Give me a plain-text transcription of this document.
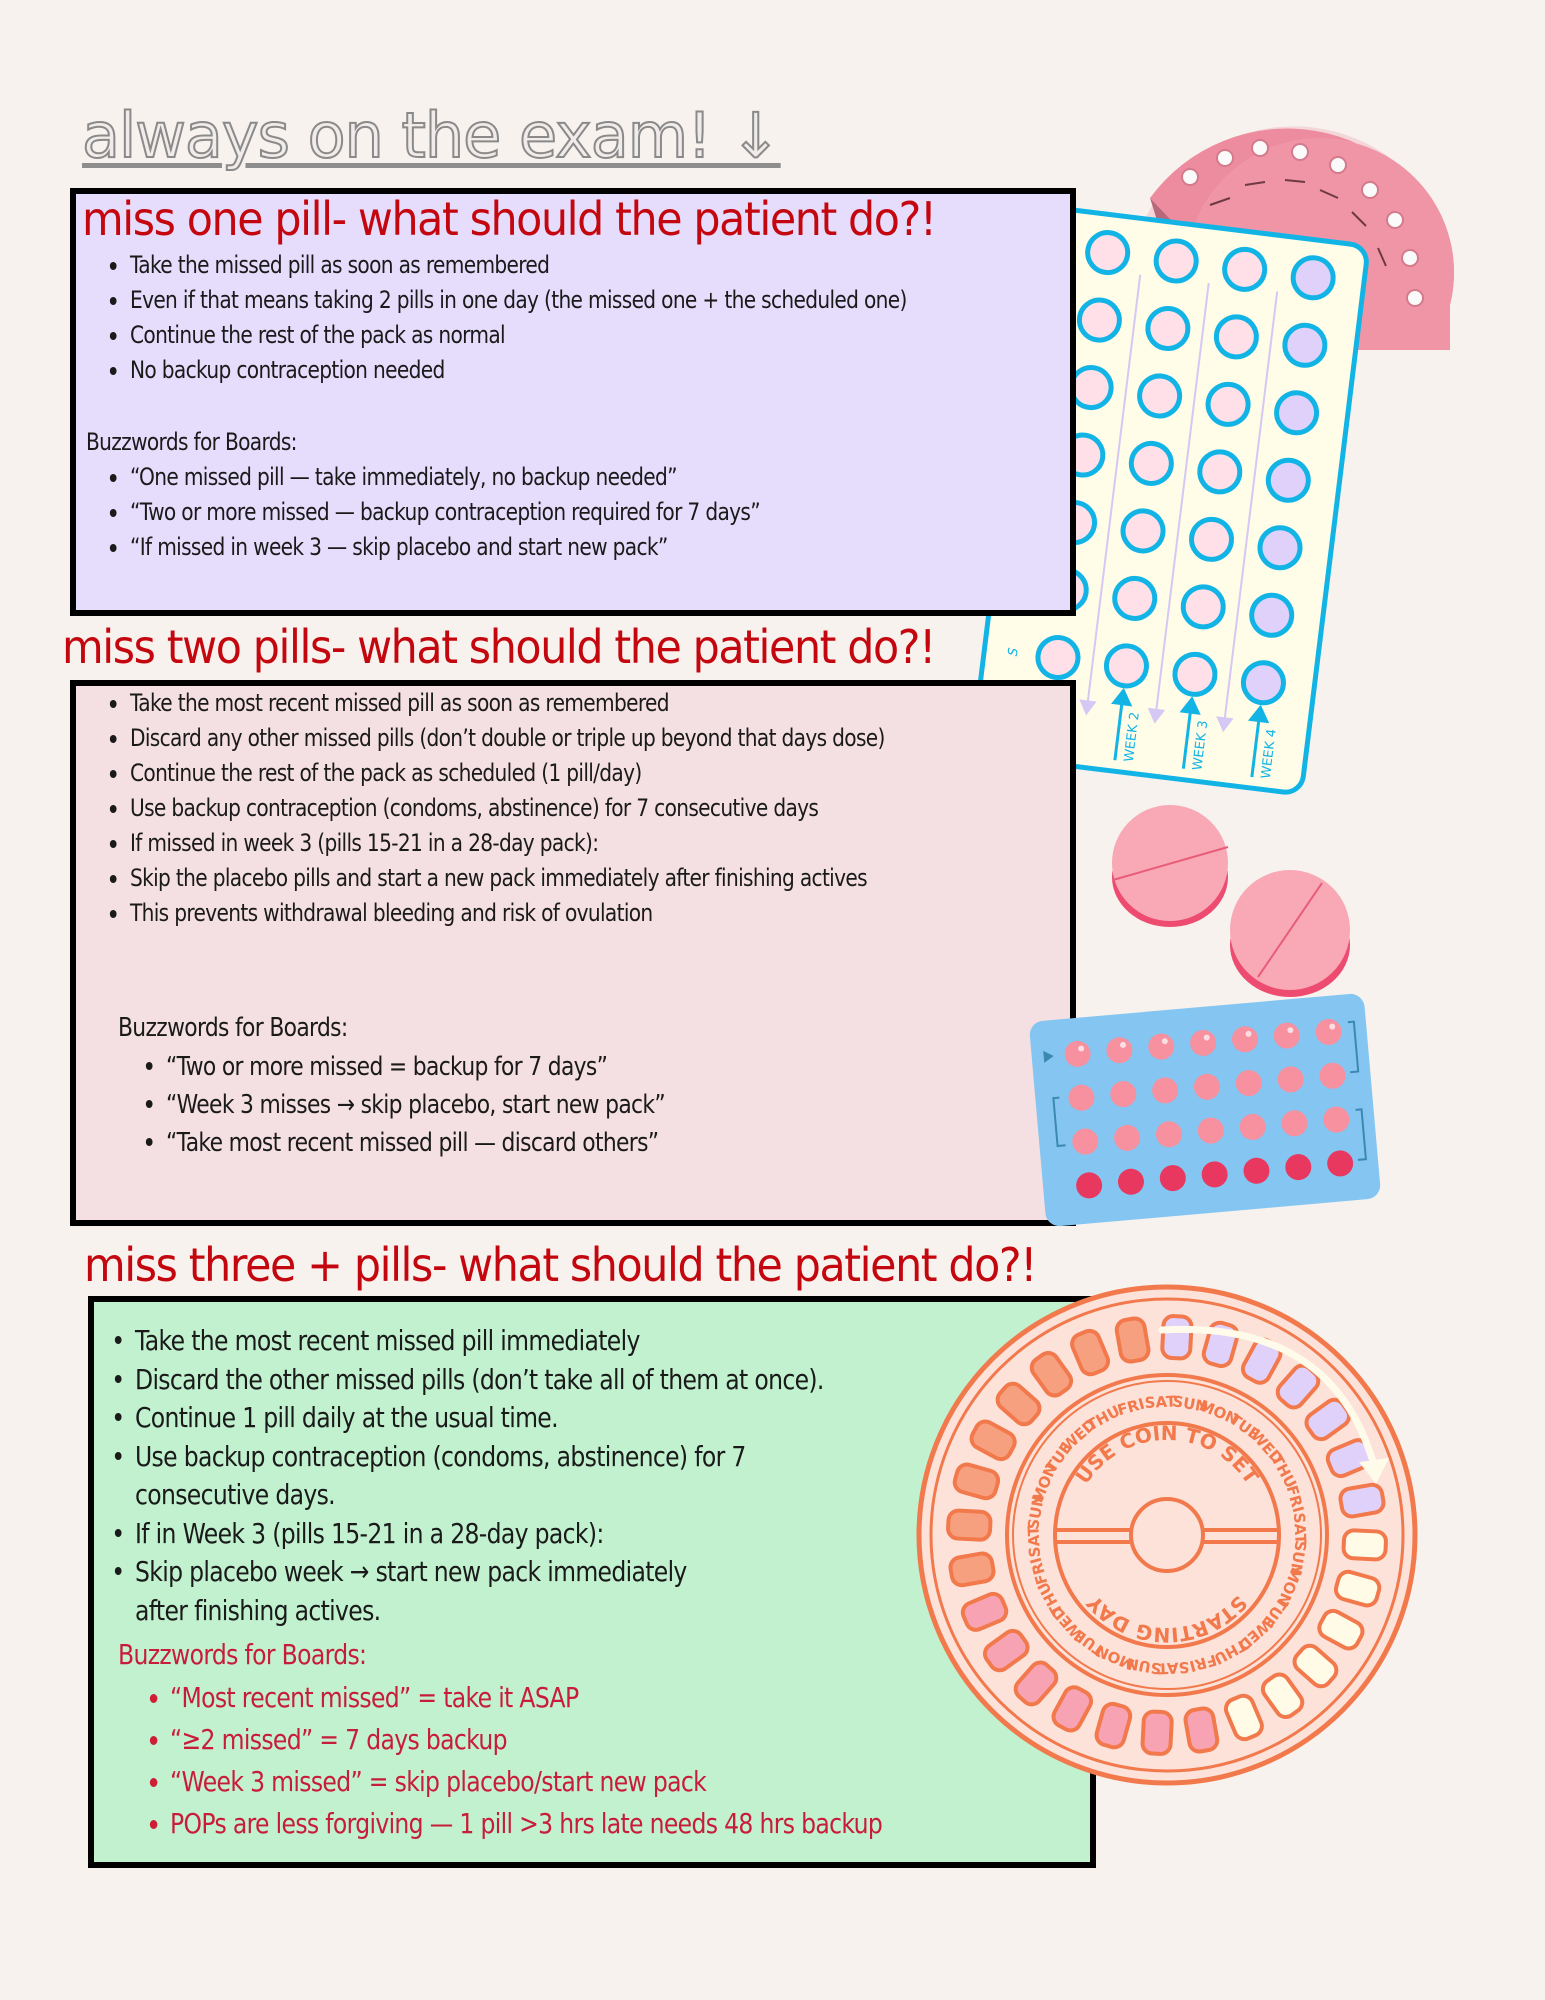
always on the exam! ↓
S
WEEK 2	WEEK 3	WEEK 4
miss one pill- what should the patient do?!
Take the missed pill as soon as remembered
Even if that means taking 2 pills in one day (the missed one + the scheduled one)
Continue the rest of the pack as normal
No backup contraception needed
Buzzwords for Boards:
“One missed pill — take immediately, no backup needed”
“Two or more missed — backup contraception required for 7 days”
“If missed in week 3 — skip placebo and start new pack”
miss two pills- what should the patient do?!
Take the most recent missed pill as soon as remembered
Discard any other missed pills (don’t double or triple up beyond that days dose)
Continue the rest of the pack as scheduled (1 pill/day)
Use backup contraception (condoms, abstinence) for 7 consecutive days
If missed in week 3 (pills 15-21 in a 28-day pack):
Skip the placebo pills and start a new pack immediately after finishing actives
This prevents withdrawal bleeding and risk of ovulation
Buzzwords for Boards:
“Two or more missed = backup for 7 days”
“Week 3 misses → skip placebo, start new pack”
“Take most recent missed pill — discard others”
miss three + pills- what should the patient do?!
Take the most recent missed pill immediately
Discard the other missed pills (don’t take all of them at once).
Continue 1 pill daily at the usual time.
Use backup contraception (condoms, abstinence) for 7 consecutive days.
If in Week 3 (pills 15-21 in a 28-day pack):
Skip placebo week → start new pack immediately after finishing actives.
Buzzwords for Boards:
“Most recent missed” = take it ASAP
“≥2 missed” = 7 days backup
“Week 3 missed” = skip placebo/start new pack
POPs are less forgiving — 1 pill >3 hrs late needs 48 hrs backup
USE COIN TO SET
STARTING DAY
SUN
MON
TUE
WED
THU
FRI
SAT
SUN
MON
TUE
WED
THU
FRI
SAT
SUN
MON
TUE
WED
THU
FRI
SAT
SUN
MON
TUE
WED
THU
FRI
SAT
